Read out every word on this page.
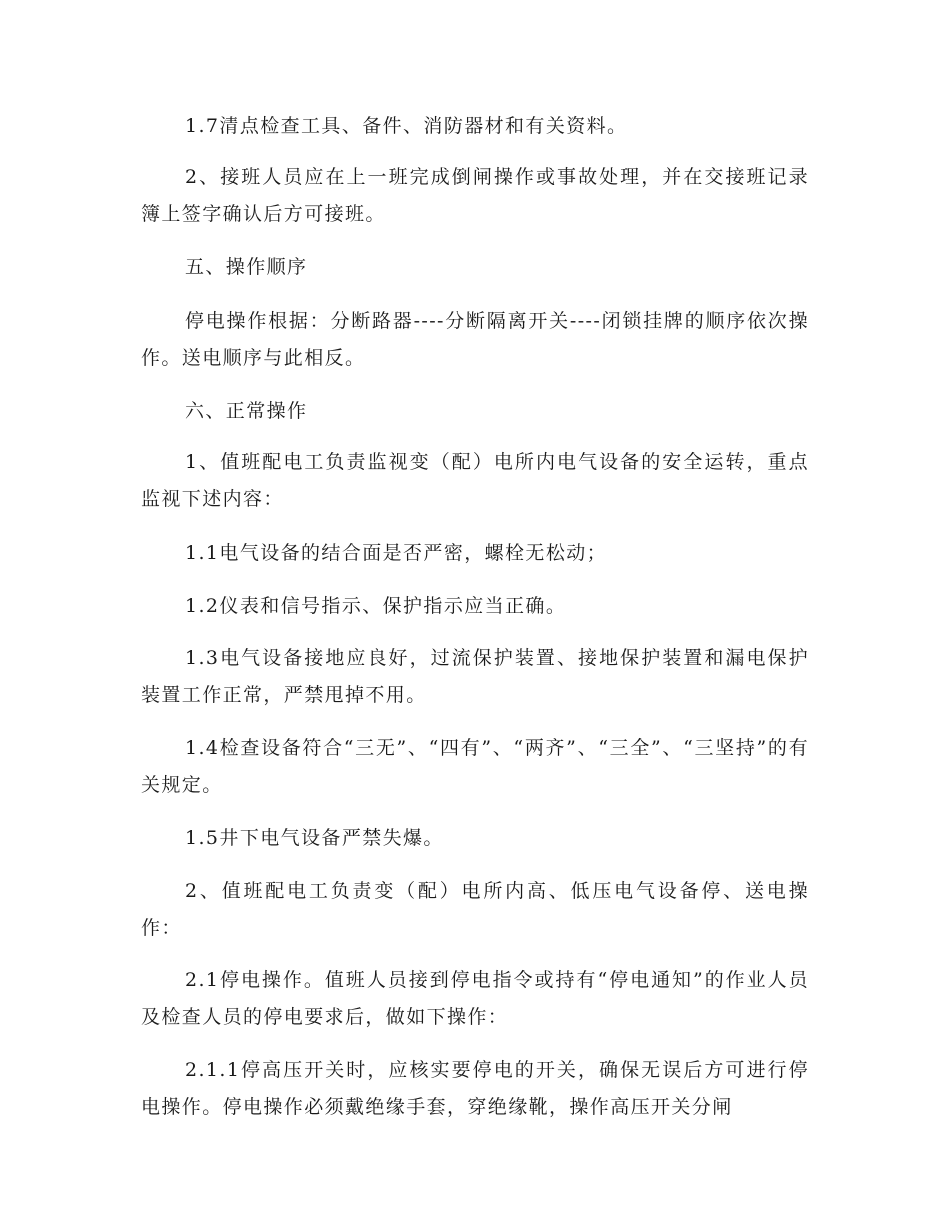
1.7清点检查工具、备件、消防器材和有关资料。

2、接班人员应在上一班完成倒闸操作或事故处理，并在交接班记录簿上签字确认后方可接班。

五、操作顺序

停电操作根据：分断路器----分断隔离开关----闭锁挂牌的顺序依次操作。送电顺序与此相反。

六、正常操作

1、值班配电工负责监视变（配）电所内电气设备的安全运转，重点监视下述内容：

1.1电气设备的结合面是否严密，螺栓无松动；

1.2仪表和信号指示、保护指示应当正确。

1.3电气设备接地应良好，过流保护装置、接地保护装置和漏电保护装置工作正常，严禁甩掉不用。

1.4检查设备符合“三无”、“四有”、“两齐”、“三全”、“三坚持”的有关规定。

1.5井下电气设备严禁失爆。

2、值班配电工负责变（配）电所内高、低压电气设备停、送电操作：

2.1停电操作。值班人员接到停电指令或持有“停电通知”的作业人员及检查人员的停电要求后，做如下操作：

2.1.1停高压开关时，应核实要停电的开关，确保无误后方可进行停电操作。停电操作必须戴绝缘手套，穿绝缘靴，操作高压开关分闸
